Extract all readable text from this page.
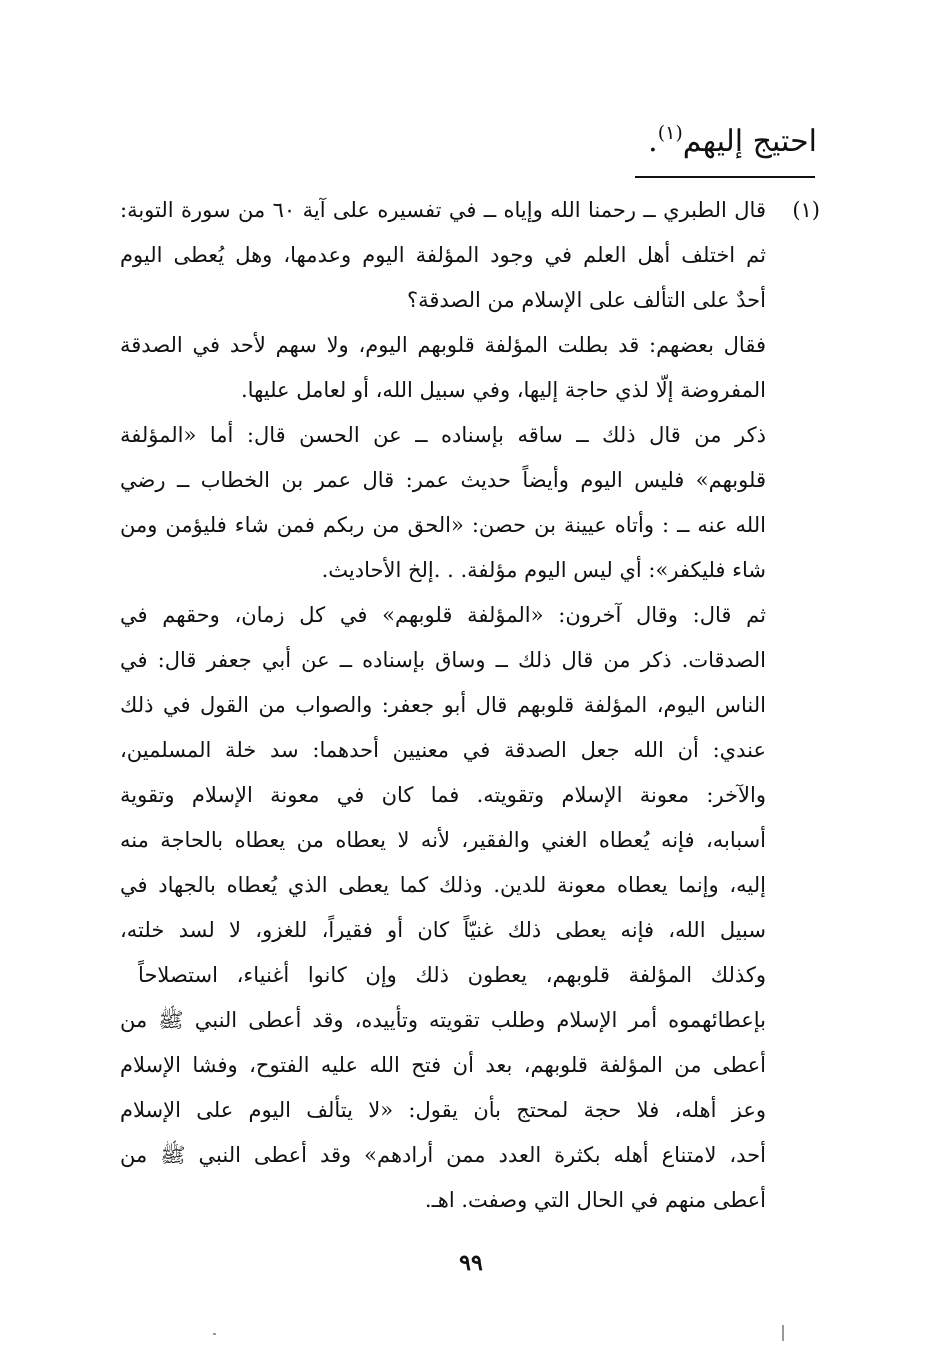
احتيج إليهم$^{(١)}$.
(١)
قال الطبري ــ رحمنا الله وإياه ــ في تفسيره على آية ٦٠ من سورة التوبة:
ثم اختلف أهل العلم في وجود المؤلفة اليوم وعدمها، وهل يُعطى اليوم
أحدٌ على التألف على الإسلام من الصدقة؟
فقال بعضهم: قد بطلت المؤلفة قلوبهم اليوم، ولا سهم لأحد في الصدقة
المفروضة إلّا لذي حاجة إليها، وفي سبيل الله، أو لعامل عليها.
ذكر من قال ذلك ــ ساقه بإسناده ــ عن الحسن قال: أما «المؤلفة
قلوبهم» فليس اليوم وأيضاً حديث عمر: قال عمر بن الخطاب ــ رضي
الله عنه ــ : وأتاه عيينة بن حصن: «الحق من ربكم فمن شاء فليؤمن ومن
شاء فليكفر»: أي ليس اليوم مؤلفة. . .إلخ الأحاديث.
ثم قال: وقال آخرون: «المؤلفة قلوبهم» في كل زمان، وحقهم في
الصدقات. ذكر من قال ذلك ــ وساق بإسناده ــ عن أبي جعفر قال: في
الناس اليوم، المؤلفة قلوبهم قال أبو جعفر: والصواب من القول في ذلك
عندي: أن الله جعل الصدقة في معنيين أحدهما: سد خلة المسلمين،
والآخر: معونة الإسلام وتقويته. فما كان في معونة الإسلام وتقوية
أسبابه، فإنه يُعطاه الغني والفقير، لأنه لا يعطاه من يعطاه بالحاجة منه
إليه، وإنما يعطاه معونة للدين. وذلك كما يعطى الذي يُعطاه بالجهاد في
سبيل الله، فإنه يعطى ذلك غنيّاً كان أو فقيراً، للغزو، لا لسد خلته،
وكذلك المؤلفة قلوبهم، يعطون ذلك وإن كانوا أغنياء، استصلاحاً
بإعطائهموه أمر الإسلام وطلب تقويته وتأييده، وقد أعطى النبي ﷺ من
أعطى من المؤلفة قلوبهم، بعد أن فتح الله عليه الفتوح، وفشا الإسلام
وعز أهله، فلا حجة لمحتج بأن يقول: «لا يتألف اليوم على الإسلام
أحد، لامتناع أهله بكثرة العدد ممن أرادهم» وقد أعطى النبي ﷺ من
أعطى منهم في الحال التي وصفت. اهـ.
٩٩
